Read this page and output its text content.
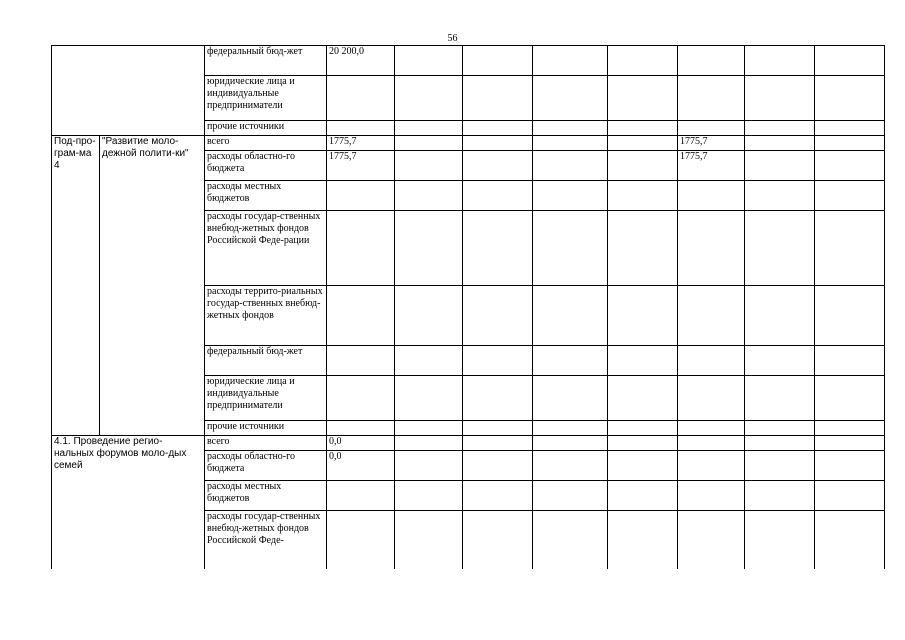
56
		федеральный бюд-жет	20 200,0							
		юридические лица и индивидуальные предприниматели								
		прочие источники								
Под-про-грам-ма 4	"Развитие моло-дежной полити-ки"	всего	1775,7					1775,7		
		расходы областно-го бюджета	1775,7					1775,7		
		расходы местных бюджетов								
		расходы государ-ственных внебюд-жетных фондов Российской Феде-рации								
		расходы террито-риальных государ-ственных внебюд-жетных фондов								
		федеральный бюд-жет								
		юридические лица и индивидуальные предприниматели								
		прочие источники								
4.1. Проведение регио-нальных форумов моло-дых семей		всего	0,0							
		расходы областно-го бюджета	0,0							
		расходы местных бюджетов								
		расходы государ-ственных внебюд-жетных фондов Российской Феде-								
